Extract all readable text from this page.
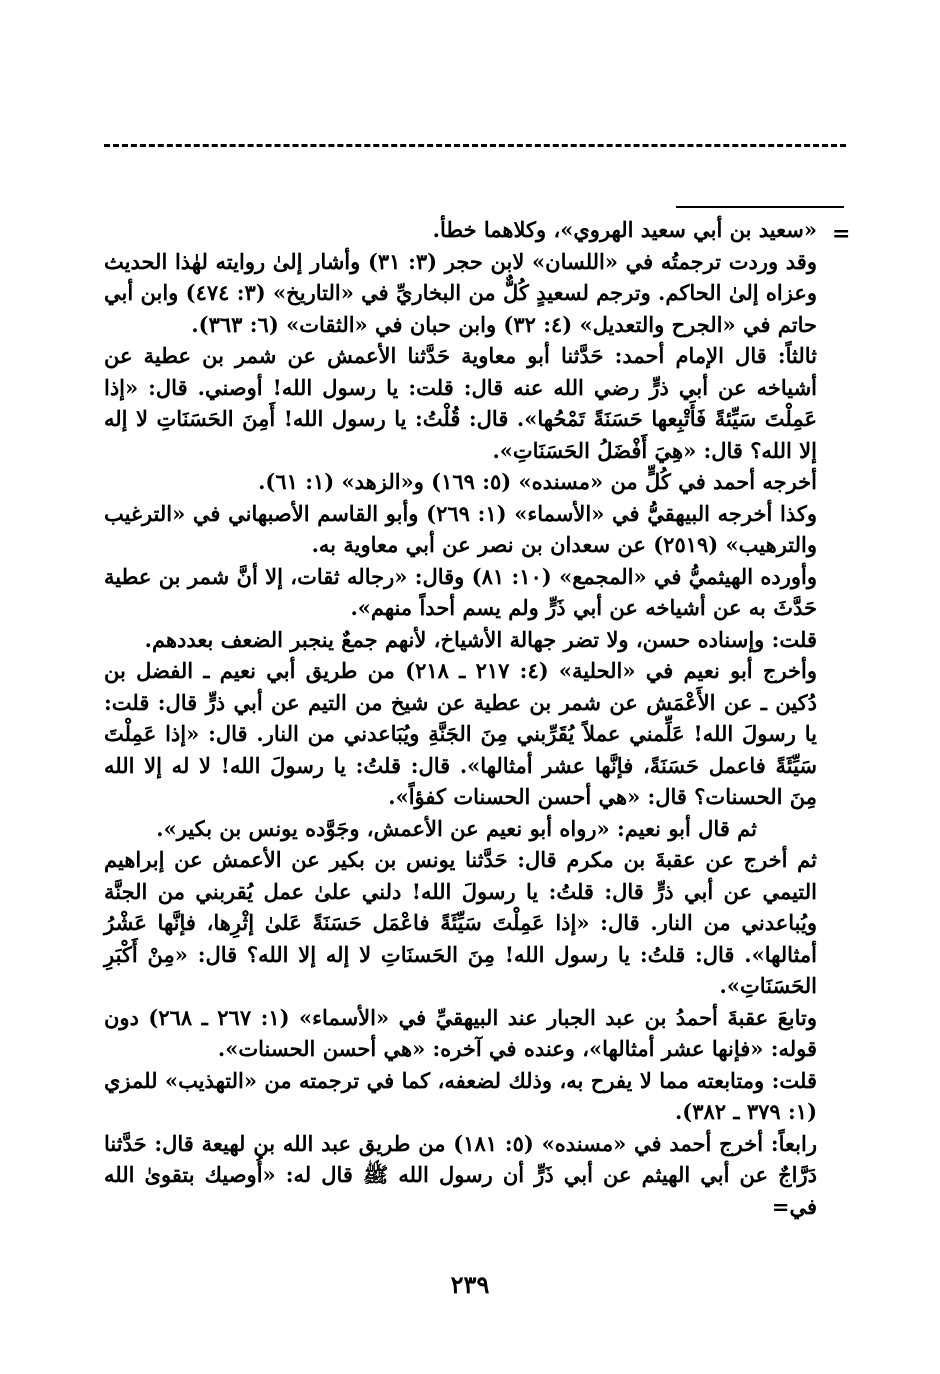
=

«سعيد بن أبي سعيد الهروي»، وكلاهما خطأ.

وقد وردت ترجمتُه في «اللسان» لابن حجر (٣: ٣١) وأشار إلىٰ روايته لهٰذا الحديث وعزاه إلىٰ الحاكم. وترجم لسعيدٍ كُلٌّ من البخاريِّ في «التاريخ» (٣: ٤٧٤) وابن أبي حاتم في «الجرح والتعديل» (٤: ٣٢) وابن حبان في «الثقات» (٦: ٣٦٣).

ثالثاً: قال الإمام أحمد: حَدَّثنا أبو معاوية حَدَّثنا الأعمش عن شمر بن عطية عن أشياخه عن أبي ذرٍّ رضي الله عنه قال: قلت: يا رسول الله! أوصني. قال: «إذا عَمِلْتَ سَيِّئةً فَأَتْبِعها حَسَنَةً تَمْحُها». قال: قُلْتُ: يا رسول الله! أَمِنَ الحَسَنَاتِ لا إله إلا الله؟ قال: «هِيَ أَفْضَلُ الحَسَنَاتِ».

أخرجه أحمد في كُلٍّ من «مسنده» (٥: ١٦٩) و«الزهد» (١: ٦١).

وكذا أخرجه البيهقيُّ في «الأسماء» (١: ٢٦٩) وأبو القاسم الأصبهاني في «الترغيب والترهيب» (٢٥١٩) عن سعدان بن نصر عن أبي معاوية به.

وأورده الهيثميُّ في «المجمع» (١٠: ٨١) وقال: «رجاله ثقات، إلا أنَّ شمر بن عطية حَدَّثَ به عن أشياخه عن أبي ذَرٍّ ولم يسم أحداً منهم».

قلت: وإسناده حسن، ولا تضر جهالة الأشياخ، لأنهم جمعٌ ينجبر الضعف بعددهم.

وأخرج أبو نعيم في «الحلية» (٤: ٢١٧ ـ ٢١٨) من طريق أبي نعيم ـ الفضل بن دُكين ـ عن الأَعْمَش عن شمر بن عطية عن شيخ من التيم عن أبي ذرٍّ قال: قلت: يا رسولَ الله! عَلِّمني عملاً يُقَرِّبني مِنَ الجَنَّةِ ويُبَاعدني من النار. قال: «إذا عَمِلْتَ سَيِّئَةً فاعمل حَسَنَةً، فإنَّها عشر أمثالها». قال: قلتُ: يا رسولَ الله! لا له إلا الله مِنَ الحسنات؟ قال: «هي أحسن الحسنات كفؤاً».

ثم قال أبو نعيم: «رواه أبو نعيم عن الأعمش، وجَوَّده يونس بن بكير».

ثم أخرج عن عقبةَ بن مكرم قال: حَدَّثنا يونس بن بكير عن الأعمش عن إبراهيم التيمي عن أبي ذرٍّ قال: قلتُ: يا رسولَ الله! دلني علىٰ عمل يُقربني من الجنَّة ويُباعدني من النار. قال: «إذا عَمِلْتَ سَيِّئَةً فاعْمَل حَسَنَةً عَلىٰ إثْرِها، فإنَّها عَشْرُ أمثالها». قال: قلتُ: يا رسول الله! مِنَ الحَسنَاتِ لا إله إلا الله؟ قال: «مِنْ أَكْبَرِ الحَسَنَاتِ».

وتابعَ عقبةَ أحمدُ بن عبد الجبار عند البيهقيِّ في «الأسماء» (١: ٢٦٧ ـ ٢٦٨) دون قوله: «فإنها عشر أمثالها»، وعنده في آخره: «هي أحسن الحسنات».

قلت: ومتابعته مما لا يفرح به، وذلك لضعفه، كما في ترجمته من «التهذيب» للمزي (١: ٣٧٩ ـ ٣٨٢).

رابعاً: أخرج أحمد في «مسنده» (٥: ١٨١) من طريق عبد الله بن لهيعة قال: حَدَّثنا دَرَّاجٌ عن أبي الهيثم عن أبي ذَرٍّ أن رسول الله ﷺ قال له: «أُوصيك بتقوىٰ الله في=

٢٣٩
